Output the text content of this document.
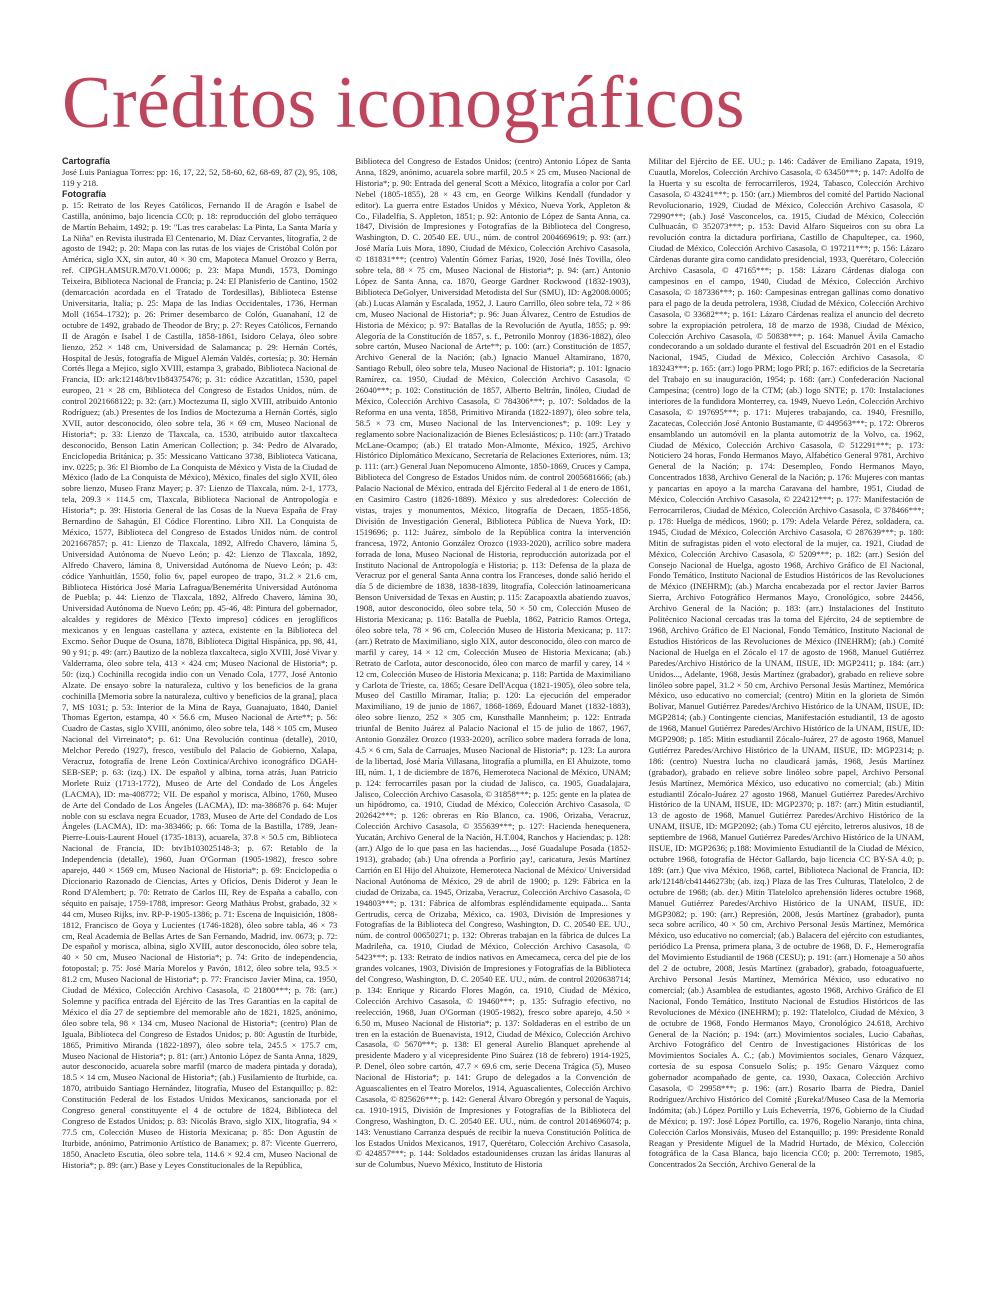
Créditos iconográficos

Cartografía

José Luis Paniagua Torres: pp: 16, 17, 22, 52, 58-60, 62, 68-69, 87 (2), 95, 108, 119 y 218.

Fotografía

p. 15: Retrato de los Reyes Católicos, Fernando II de Aragón e Isabel de Castilla, anónimo, bajo licencia CC0; p. 18: reproducción del globo terráqueo de Martín Behaim, 1492; p. 19: "Las tres carabelas: La Pinta, La Santa María y La Niña" en Revista ilustrada El Centenario, M. Díaz Cervantes, litografía, 2 de agosto de 1942; p. 20: Mapa con las rutas de los viajes de Cristóbal Colón por América, siglo XX, sin autor, 40 × 30 cm, Mapoteca Manuel Orozco y Berra, ref. CIPGH.AMSUR.M70.V1.0006; p. 23: Mapa Mundi, 1573, Domingo Teixeira, Biblioteca Nacional de Francia; p. 24: El Planisferio de Cantino, 1502 (demarcación acordada en el Tratado de Tordesillas), Biblioteca Estense Universitaria, Italia; p. 25: Mapa de las Indias Occidentales, 1736, Herman Moll (1654–1732); p. 26: Primer desembarco de Colón, Guanahaní, 12 de octubre de 1492, grabado de Theodor de Bry; p. 27: Reyes Católicos, Fernando II de Aragón e Isabel I de Castilla, 1858-1861, Isidoro Celaya, óleo sobre lienzo, 252 × 148 cm, Universidad de Salamanca; p. 29: Hernán Cortés, Hospital de Jesús, fotografía de Miguel Alemán Valdés, cortesía; p. 30: Hernán Cortés llega a Mejico, siglo XVIII, estampa 3, grabado, Biblioteca Nacional de Francia, ID: ark:12148/btv1b84375476; p. 31: códice Azcatitlan, 1530, papel europeo, 21 × 28 cm, Biblioteca del Congreso de Estados Unidos, núm. de control 2021668122; p. 32: (arr.) Moctezuma II, siglo XVIII, atribuido Antonio Rodríguez; (ab.) Presentes de los Indios de Moctezuma a Hernán Cortés, siglo XVII, autor desconocido, óleo sobre tela, 36 × 69 cm, Museo Nacional de Historia*; p. 33: Lienzo de Tlaxcala, ca. 1530, atribuido autor tlaxcalteca desconocido, Benson Latin American Collection; p. 34: Pedro de Alvarado, Enciclopedia Británica; p. 35: Messicano Vatticano 3738, Biblioteca Vaticana, inv. 0225; p. 36: El Biombo de La Conquista de México y Vista de la Ciudad de México (lado de La Conquista de México), México, finales del siglo XVII, óleo sobre lienzo, Museo Franz Mayer; p. 37: Lienzo de Tlaxcala, núm. 2-1, 1773, tela, 209.3 × 114.5 cm, Tlaxcala, Biblioteca Nacional de Antropología e Historia*; p. 39: Historia General de las Cosas de la Nueva España de Fray Bernardino de Sahagún, El Códice Florentino. Libro XII. La Conquista de México, 1577, Biblioteca del Congreso de Estados Unidos núm. de control 2021667857; p. 41: Lienzo de Tlaxcala, 1892, Alfredo Chavero, lámina 5, Universidad Autónoma de Nuevo León; p. 42: Lienzo de Tlaxcala, 1892, Alfredo Chavero, lámina 8, Universidad Autónoma de Nuevo León; p. 43: códice Yanhuitlán, 1550, folio 6v, papel europeo de trapo, 31.2 × 21.6 cm, Biblioteca Histórica José María Lafragua/Benemérita Universidad Autónoma de Puebla; p. 44: Lienzo de Tlaxcala, 1892, Alfredo Chavero, lámina 30, Universidad Autónoma de Nuevo León; pp. 45-46, 48: Pintura del gobernador, alcaldes y regidores de México [Texto impreso] códices en jeroglíficos mexicanos y en lenguas castellana y azteca, existente en la Biblioteca del Excmo. Señor Duque de Osuna, 1878, Biblioteca Digital Hispánica, pp. 98, 41, 90 y 91; p. 49: (arr.) Bautizo de la nobleza tlaxcalteca, siglo XVIII, José Vivar y Valderrama, óleo sobre tela, 413 × 424 cm; Museo Nacional de Historia*; p. 50: (izq.) Cochinilla recogida indio con un Venado Cola, 1777, José Antonio Alzate. De ensayo sobre la naturaleza, cultivo y los beneficios de la grana cochinilla [Memoria sobre la naturaleza, cultivo y beneficios de la grana], placa 7, MS 1031; p. 53: Interior de la Mina de Raya, Guanajuato, 1840, Daniel Thomas Egerton, estampa, 40 × 56.6 cm, Museo Nacional de Arte**; p. 56: Cuadro de Castas, siglo XVIII, anónimo, óleo sobre tela, 148 × 105 cm, Museo Nacional del Virreinato*; p. 61: Una Revolución continua (detalle), 2010, Melchor Peredo (1927), fresco, vestíbulo del Palacio de Gobierno, Xalapa, Veracruz, fotografía de Irene León Coxtinica/Archivo iconográfico DGAH-SEB-SEP; p. 63: (izq.) IX. De español y albina, torna atrás, Juan Patricio Morlete Ruiz (1713-1772), Museo de Arte del Condado de Los Ángeles (LACMA), ID: ma-408772; VII. De español y morisca, Albino, 1760, Museo de Arte del Condado de Los Ángeles (LACMA), ID: ma-386876 p. 64: Mujer noble con su esclava negra Ecuador, 1783, Museo de Arte del Condado de Los Ángeles (LACMA), ID: ma-383466; p. 66: Toma de la Bastilla, 1789, Jean-Pierre-Louis-Laurent Houel (1735-1813), acuarela, 37.8 × 50.5 cm, Biblioteca Nacional de Francia, ID: btv1b103025148-3; p. 67: Retablo de la Independencia (detalle), 1960, Juan O'Gorman (1905-1982), fresco sobre aparejo, 440 × 1569 cm, Museo Nacional de Historia*; p. 69: Enciclopedia o Diccionario Razonado de Ciencias, Artes y Oficios, Denis Diderot y Jean le Rond D'Alembert; p. 70: Retrato de Carlos III, Rey de España a caballo, con séquito en paisaje, 1759-1788, impresor: Georg Mathäus Probst, grabado, 32 × 44 cm, Museo Rijks, inv. RP-P-1905-1386; p. 71: Escena de Inquisición, 1808-1812, Francisco de Goya y Lucientes (1746-1828), óleo sobre tabla, 46 × 73 cm, Real Academia de Bellas Artes de San Fernando, Madrid, inv. 0673; p. 72: De español y morisca, albina, siglo XVIII, autor desconocido, óleo sobre tela, 40 × 50 cm, Museo Nacional de Historia*; p. 74: Grito de independencia, fotopostal; p. 75: José María Morelos y Pavón, 1812, óleo sobre tela, 93.5 × 81.2 cm, Museo Nacional de Historia*; p. 77: Francisco Javier Mina, ca. 1950, Ciudad de México, Colección Archivo Casasola, © 21800***; p. 78: (arr.) Solemne y pacífica entrada del Ejército de las Tres Garantías en la capital de México el día 27 de septiembre del memorable año de 1821, 1825, anónimo, óleo sobre tela, 98 × 134 cm, Museo Nacional de Historia*; (centro) Plan de Iguala, Biblioteca del Congreso de Estados Unidos; p. 80: Agustín de Iturbide, 1865, Primitivo Miranda (1822-1897), óleo sobre tela, 245.5 × 175.7 cm, Museo Nacional de Historia*; p. 81: (arr.) Antonio López de Santa Anna, 1829, autor desconocido, acuarela sobre marfil (marco de madera pintada y dorada), 18.5 × 14 cm, Museo Nacional de Historia*; (ab.) Fusilamiento de Iturbide, ca. 1870, atribuido Santiago Hernández, litografía, Museo del Estanquillo; p. 82: Constitución Federal de los Estados Unidos Mexicanos, sancionada por el Congreso general constituyente el 4 de octubre de 1824, Biblioteca del Congreso de Estados Unidos; p. 83: Nicolás Bravo, siglo XIX, litografía, 94 × 77.5 cm, Colección Museo de Historia Mexicana; p. 85: Don Agustín de Iturbide, anónimo, Patrimonio Artístico de Banamex; p. 87: Vicente Guerrero, 1850, Anacleto Escutia, óleo sobre tela, 114.6 × 92.4 cm, Museo Nacional de Historia*; p. 89: (arr.) Base y Leyes Constitucionales de la República,

Biblioteca del Congreso de Estados Unidos; (centro) Antonio López de Santa Anna, 1829, anónimo, acuarela sobre marfil, 20.5 × 25 cm, Museo Nacional de Historia*; p. 90: Entrada del general Scott a México, litografía a color por Carl Nebel (1805-1855), 28 × 43 cm, en George Wilkins Kendall (fundador y editor). La guerra entre Estados Unidos y México, Nueva York, Appleton & Co., Filadelfia, S. Appleton, 1851; p. 92: Antonio de López de Santa Anna, ca. 1847, División de Impresiones y Fotografías de la Biblioteca del Congreso, Washington, D. C. 20540 EE. UU., núm. de control 2004669619; p. 93: (arr.) José María Luis Mora, 1890, Ciudad de México, Colección Archivo Casasola, © 181831***; (centro) Valentín Gómez Farías, 1920, José Inés Tovilla, óleo sobre tela, 88 × 75 cm, Museo Nacional de Historia*; p. 94: (arr.) Antonio López de Santa Anna, ca. 1870, George Gardner Rockwood (1832-1903), Biblioteca DeGolyer, Universidad Metodista del Sur (SMU), ID: Ag2008.0005; (ab.) Lucas Alamán y Escalada, 1952, J. Lauro Carrillo, óleo sobre tela, 72 × 86 cm, Museo Nacional de Historia*; p. 96: Juan Álvarez, Centro de Estudios de Historia de México; p. 97: Batallas de la Revolución de Ayutla, 1855; p. 99: Alegoría de la Constitución de 1857, s. f., Petronilo Monroy (1836-1882), óleo sobre cartón, Museo Nacional de Arte**; p. 100: (arr.) Constitución de 1857, Archivo General de la Nación; (ab.) Ignacio Manuel Altamirano, 1870, Santiago Rebull, óleo sobre tela, Museo Nacional de Historia*; p. 101: Ignacio Ramírez, ca. 1950, Ciudad de México, Colección Archivo Casasola, © 26040***; p. 102: Constitución de 1857, Alberto Beltrán, linóleo, Ciudad de México, Colección Archivo Casasola, © 784306***; p. 107: Soldados de la Reforma en una venta, 1858, Primitivo Miranda (1822-1897), óleo sobre tela, 58.5 × 73 cm, Museo Nacional de las Intervenciones*; p. 109: Ley y reglamento sobre Nacionalización de Bienes Eclesiásticos; p. 110: (arr.) Tratado McLane-Ocampo; (ab.) El tratado Mon-Almonte, México, 1925, Archivo Histórico Diplomático Mexicano, Secretaría de Relaciones Exteriores, núm. 13; p. 111: (arr.) General Juan Nepomuceno Almonte, 1850-1869, Cruces y Campa, Biblioteca del Congreso de Estados Unidos núm. de control 2005681666; (ab.) Palacio Nacional de México, entrada del Ejército Federal al 1 de enero de 1861, en Casimiro Castro (1826-1889). México y sus alrededores: Colección de vistas, trajes y monumentos, México, litografía de Decaen, 1855-1856, División de Investigación General, Biblioteca Pública de Nueva York, ID: 1519696; p. 112: Juárez, símbolo de la República contra la intervención francesa, 1972, Antonio González Orozco (1933-2020), acrílico sobre madera forrada de lona, Museo Nacional de Historia, reproducción autorizada por el Instituto Nacional de Antropología e Historia; p. 113: Defensa de la plaza de Veracruz por el general Santa Anna contra los Franceses, donde salió herido el día 5 de diciembre de 1838, 1838-1839, litografía, Colección latinoamericana Benson Universidad de Texas en Austin; p. 115: Zacapoaxtla abatiendo zuavos, 1908, autor desconocido, óleo sobre tela, 50 × 50 cm, Colección Museo de Historia Mexicana; p. 116: Batalla de Puebla, 1862, Patricio Ramos Ortega, óleo sobre tela, 78 × 96 cm, Colección Museo de Historia Mexicana; p. 117: (arr.) Retrato de Maximiliano, siglo XIX, autor desconocido, óleo con marco de marfil y carey, 14 × 12 cm, Colección Museo de Historia Mexicana; (ab.) Retrato de Carlota, autor desconocido, óleo con marco de marfil y carey, 14 × 12 cm, Colección Museo de Historia Mexicana; p. 118: Partida de Maximiliano y Carlota de Trieste, ca. 1865; Cesare Dell'Acqua (1821-1905), óleo sobre tela, Museo del Castillo Miramar, Italia; p. 120: La ejecución del emperador Maximiliano, 19 de junio de 1867, 1868-1869, Édouard Manet (1832-1883), óleo sobre lienzo, 252 × 305 cm, Kunsthalle Mannheim; p. 122: Entrada triunfal de Benito Juárez al Palacio Nacional el 15 de julio de 1867, 1967, Antonio González Orozco (1933-2020), acrílico sobre madera forrada de lona, 4.5 × 6 cm, Sala de Carruajes, Museo Nacional de Historia*; p. 123: La aurora de la libertad, José María Villasana, litografía a plumilla, en El Ahuizote, tomo III, núm. 1, 1 de diciembre de 1876, Hemeroteca Nacional de México, UNAM; p. 124: ferrocarriles pasan por la ciudad de Jalisco, ca. 1905, Guadalajara, Jalisco, Colección Archivo Casasola, © 31858***; p. 125: gente en la platea de un hipódromo, ca. 1910, Ciudad de México, Colección Archivo Casasola, © 202642***; p. 126: obreras en Río Blanco, ca. 1906, Orizaba, Veracruz, Colección Archivo Casasola, © 355639***; p. 127: Hacienda henequenera, Yucatán, Archivo General de la Nación, H.T.004, Ranchos y Haciendas; p. 128: (arr.) Algo de lo que pasa en las haciendas..., José Guadalupe Posada (1852-1913), grabado; (ab.) Una ofrenda a Porfirio ¡ay!, caricatura, Jesús Martínez Carrión en El Hijo del Ahuizote, Hemeroteca Nacional de México/ Universidad Nacional Autónoma de México, 29 de abril de 1900; p. 129: Fábrica en la ciudad de Orizaba, ca. 1945, Orizaba, Veracruz, Colección Archivo Casasola, © 194803***; p. 131: Fábrica de alfombras espléndidamente equipada... Santa Gertrudis, cerca de Orizaba, México, ca. 1903, División de Impresiones y Fotografías de la Biblioteca del Congreso, Washington, D. C. 20540 EE. UU., núm. de control 00650271; p. 132: Obreras trabajan en la fábrica de dulces La Madrileña, ca. 1910, Ciudad de México, Colección Archivo Casasola, © 5423***; p. 133: Retrato de indios nativos en Amecameca, cerca del pie de los grandes volcanes, 1903, División de Impresiones y Fotografías de la Biblioteca del Congreso, Washington, D. C. 20540 EE. UU., núm. de control 2020638714; p. 134: Enrique y Ricardo Flores Magón, ca. 1910, Ciudad de México, Colección Archivo Casasola, © 19460***; p. 135: Sufragio efectivo, no reelección, 1968, Juan O'Gorman (1905-1982), fresco sobre aparejo, 4.50 × 6.50 m, Museo Nacional de Historia*; p. 137: Soldaderas en el estribo de un tren en la estación de Buenavista, 1912, Ciudad de México, Colección Archivo Casasola, © 5670***; p. 138: El general Aurelio Blanquet aprehende al presidente Madero y al vicepresidente Pino Suárez (18 de febrero) 1914-1925, P. Denel, óleo sobre cartón, 47.7 × 69.6 cm, serie Decena Trágica (5), Museo Nacional de Historia*; p. 141: Grupo de delegados a la Convención de Aguascalientes en el Teatro Morelos, 1914, Aguascalientes, Colección Archivo Casasola, © 825626***; p. 142: General Álvaro Obregón y personal de Yaquis, ca. 1910-1915, División de Impresiones y Fotografías de la Biblioteca del Congreso, Washington, D. C. 20540 EE. UU., núm. de control 2014696074; p. 143: Venustiano Carranza después de recibir la nueva Constitución Política de los Estados Unidos Mexicanos, 1917, Querétaro, Colección Archivo Casasola, © 424857***; p. 144: Soldados estadounidenses cruzan las áridas llanuras al sur de Columbus, Nuevo México, Instituto de Historia

Militar del Ejército de EE. UU.; p. 146: Cadáver de Emiliano Zapata, 1919, Cuautla, Morelos, Colección Archivo Casasola, © 63450***; p. 147: Adolfo de la Huerta y su escolta de ferrocarrileros, 1924, Tabasco, Colección Archivo Casasola, © 43241***; p. 150: (arr.) Miembros del comité del Partido Nacional Revolucionario, 1929, Ciudad de México, Colección Archivo Casasola, © 72990***; (ab.) José Vasconcelos, ca. 1915, Ciudad de México, Colección Culhuacán, © 352073***; p. 153: David Alfaro Siqueiros con su obra La revolución contra la dictadura porfiriana, Castillo de Chapultepec, ca. 1960, Ciudad de México, Colección Archivo Casasola, © 197211***; p. 156: Lázaro Cárdenas durante gira como candidato presidencial, 1933, Querétaro, Colección Archivo Casasola, © 47165***; p. 158: Lázaro Cárdenas dialoga con campesinos en el campo, 1940, Ciudad de México, Colección Archivo Casasola, © 187336***; p. 160: Campesinas entregan gallinas como donativo para el pago de la deuda petrolera, 1938, Ciudad de México, Colección Archivo Casasola, © 33682***; p. 161: Lázaro Cárdenas realiza el anuncio del decreto sobre la expropiación petrolera, 18 de marzo de 1938, Ciudad de México, Colección Archivo Casasola, © 50838***; p. 164: Manuel Ávila Camacho condecorando a un soldado durante el festival del Escuadrón 201 en el Estadio Nacional, 1945, Ciudad de México, Colección Archivo Casasola, © 183243***; p. 165: (arr.) logo PRM; logo PRI; p. 167: edificios de la Secretaría del Trabajo en su inauguración, 1954; p. 168: (arr.) Confederación Nacional Campesina; (centro) logo de la CTM; (ab.) logo SNTE; p. 170: Instalaciones interiores de la fundidora Monterrey, ca. 1949, Nuevo León, Colección Archivo Casasola, © 197695***; p. 171: Mujeres trabajando, ca. 1940, Fresnillo, Zacatecas, Colección José Antonio Bustamante, © 449563***; p. 172: Obreros ensamblando un automóvil en la planta automotriz de la Volvo, ca. 1962, Ciudad de México, Colección Archivo Casasola, © 512291***; p. 173: Noticiero 24 horas, Fondo Hermanos Mayo, Alfabético General 9781, Archivo General de la Nación; p. 174: Desempleo, Fondo Hermanos Mayo, Concentrados 1838, Archivo General de la Nación; p. 176: Mujeres con mantas y pancartas en apoyo a la marcha Caravana del hambre, 1951, Ciudad de México, Colección Archivo Casasola, © 224212***; p. 177: Manifestación de Ferrocarrileros, Ciudad de México, Colección Archivo Casasola, © 378466***; p. 178: Huelga de médicos, 1960; p. 179: Adela Velarde Pérez, soldadera, ca. 1945, Ciudad de México, Colección Archivo Casasola, © 287639***; p. 180: Mitin de sufragistas piden el voto electoral de la mujer, ca. 1921, Ciudad de México, Colección Archivo Casasola, © 5209***; p. 182: (arr.) Sesión del Consejo Nacional de Huelga, agosto 1968, Archivo Gráfico de El Nacional, Fondo Temático, Instituto Nacional de Estudios Históricos de las Revoluciones de México (INEHRM); (ab.) Marcha encabezada por el rector Javier Barros Sierra, Archivo Fotográfico Hermanos Mayo, Cronológico, sobre 24456, Archivo General de la Nación; p. 183: (arr.) Instalaciones del Instituto Politécnico Nacional cercadas tras la toma del Ejército, 24 de septiembre de 1968, Archivo Gráfico de El Nacional, Fondo Temático, Instituto Nacional de Estudios Históricos de las Revoluciones de México (INEHRM); (ab.) Comité Nacional de Huelga en el Zócalo el 17 de agosto de 1968, Manuel Gutiérrez Paredes/Archivo Histórico de la UNAM, IISUE, ID: MGP2411; p. 184: (arr.) Unidos..., Adelante, 1968, Jesús Martínez (grabador), grabado en relieve sobre linóleo sobre papel, 31.2 × 50 cm, Archivo Personal Jesús Martínez, Memórica México, uso educativo no comercial; (centro) Mitin en la glorieta de Simón Bolívar, Manuel Gutiérrez Paredes/Archivo Histórico de la UNAM, IISUE, ID: MGP2814; (ab.) Contingente ciencias, Manifestación estudiantil, 13 de agosto de 1968, Manuel Gutiérrez Paredes/Archivo Histórico de la UNAM, IISUE, ID: MGP2908; p. 185: Mitin estudiantil Zócalo-Juárez, 27 de agosto 1968, Manuel Gutiérrez Paredes/Archivo Histórico de la UNAM, IISUE, ID: MGP2314; p. 186: (centro) Nuestra lucha no claudicará jamás, 1968, Jesús Martínez (grabador), grabado en relieve sobre linóleo sobre papel, Archivo Personal Jesús Martínez, Memórica México, uso educativo no comercial; (ab.) Mitin estudiantil Zócalo-Juárez 27 agosto 1968, Manuel Gutiérrez Paredes/Archivo Histórico de la UNAM, IISUE, ID: MGP2370; p. 187: (arr.) Mitin estudiantil, 13 de agosto de 1968, Manuel Gutiérrez Paredes/Archivo Histórico de la UNAM, IISUE, ID: MGP2092; (ab.) Toma CU ejército, letreros alusivos, 18 de septiembre de 1968, Manuel Gutiérrez Paredes/Archivo Histórico de la UNAM, IISUE, ID: MGP2636; p.188: Movimiento Estudiantil de la Ciudad de México, octubre 1968, fotografía de Héctor Gallardo, bajo licencia CC BY-SA 4.0; p. 189: (arr.) Que viva México, 1968, cartel, Biblioteca Nacional de Francia, ID: ark/12148/cb41446273b; (ab. izq.) Plaza de las Tres Culturas, Tlatelolco, 2 de octubre de 1968; (ab. der.) Mitin Tlatelolco aprehensión líderes octubre 1968, Manuel Gutiérrez Paredes/Archivo Histórico de la UNAM, IISUE, ID: MGP3082; p. 190: (arr.) Represión, 2008, Jesús Martínez (grabador), punta seca sobre acrílico, 40 × 50 cm, Archivo Personal Jesús Martínez, Memórica México, uso educativo no comercial; (ab.) Balacera del ejército con estudiantes, periódico La Prensa, primera plana, 3 de octubre de 1968, D. F., Hemerografía del Movimiento Estudiantil de 1968 (CESU); p. 191: (arr.) Homenaje a 50 años del 2 de octubre, 2008, Jesús Martínez (grabador), grabado, fotoaguafuerte, Archivo Personal Jesús Martínez, Memórica México, uso educativo no comercial; (ab.) Asamblea de estudiantes, agosto 1968, Archivo Gráfico de El Nacional, Fondo Temático, Instituto Nacional de Estudios Históricos de las Revoluciones de México (INEHRM); p. 192: Tlatelolco, Ciudad de México, 3 de octubre de 1968, Fondo Hermanos Mayo, Cronológico 24.618, Archivo General de la Nación; p. 194: (arr.) Movimientos sociales, Lucio Cabañas, Archivo Fotográfico del Centro de Investigaciones Históricas de los Movimientos Sociales A. C.; (ab.) Movimientos sociales, Genaro Vázquez, cortesía de su esposa Consuelo Solís; p. 195: Genaro Vázquez como gobernador acompañado de gente, ca. 1930, Oaxaca, Colección Archivo Casasola, © 29958***; p. 196: (arr.) Rosario Ibarra de Piedra, Daniel Rodríguez/Archivo Histórico del Comité ¡Eureka!/Museo Casa de la Memoria Indómita; (ab.) López Portillo y Luis Echeverría, 1976, Gobierno de la Ciudad de México; p. 197: José López Portillo, ca. 1976, Rogelio Naranjo, tinta china, Colección Carlos Monsiváis, Museo del Estanquillo; p. 199: Presidente Ronald Reagan y Presidente Miguel de la Madrid Hurtado, de México, Colección fotográfica de la Casa Blanca, bajo licencia CC0; p. 200: Terremoto, 1985, Concentrados 2a Sección, Archivo General de la
